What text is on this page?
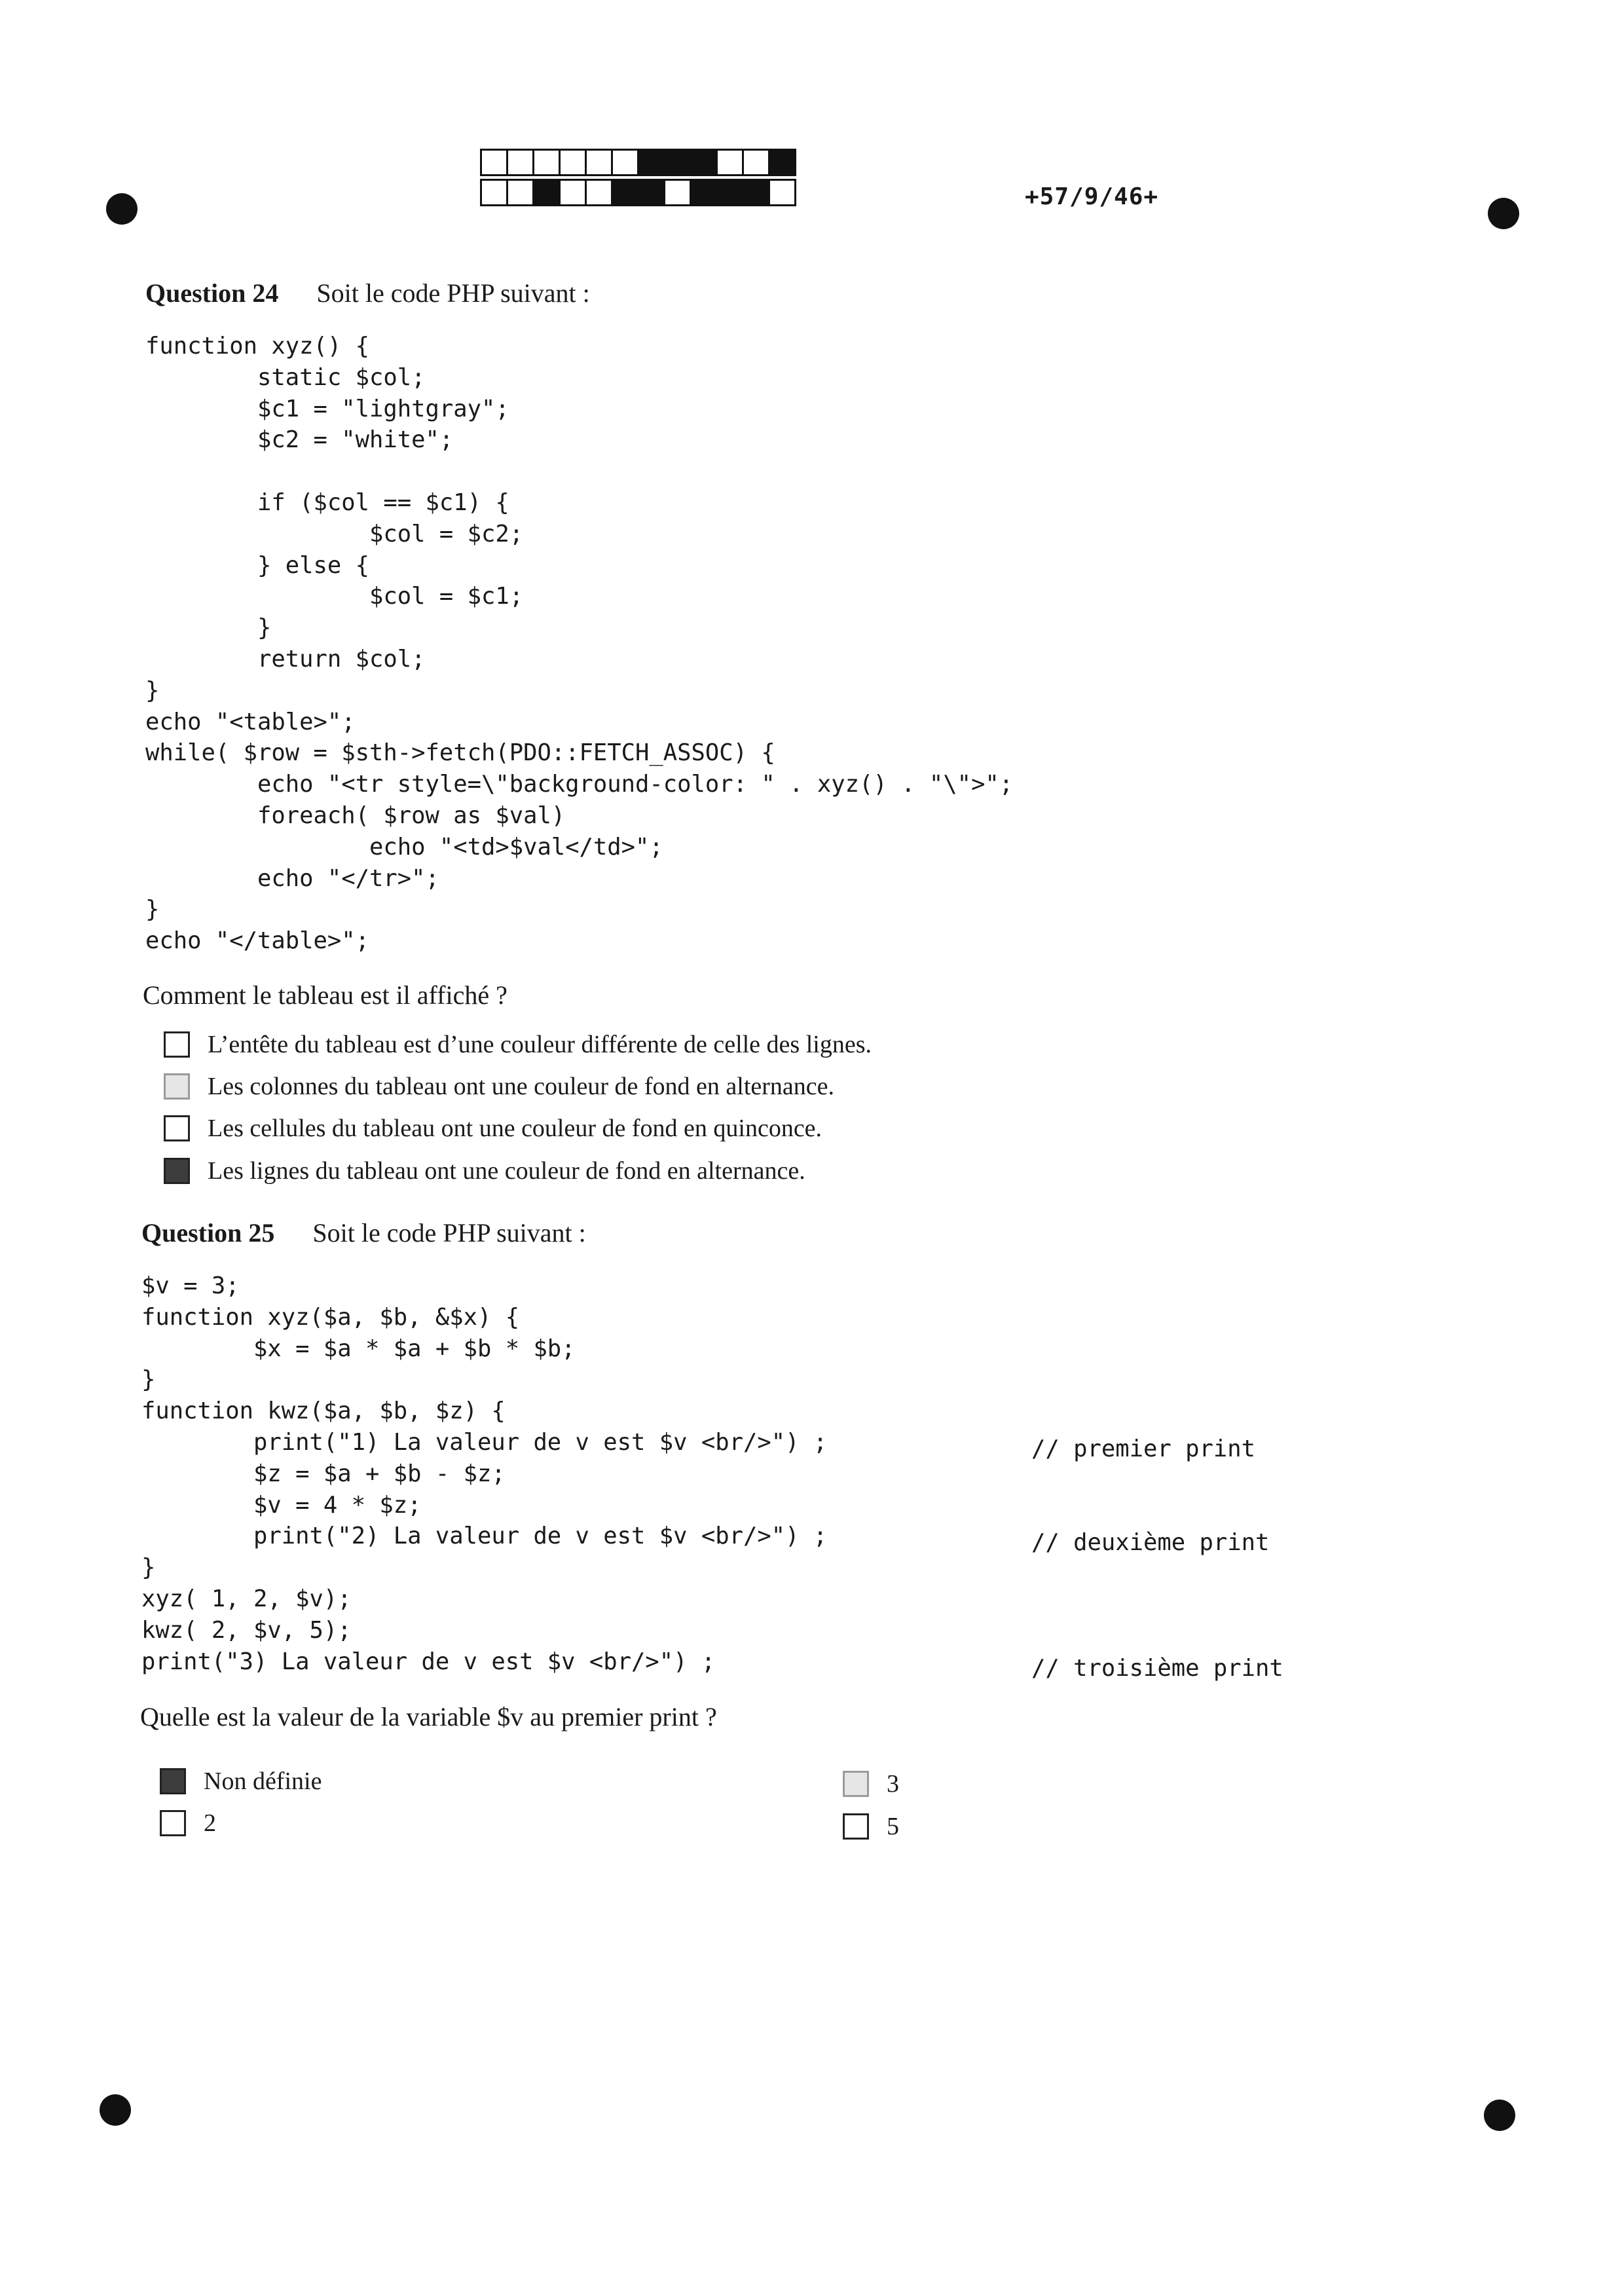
+57/9/46+
Question 24 Soit le code PHP suivant :
function xyz() {
static $col;
$c1 = "lightgray";
$c2 = "white";

if ($col == $c1) {
$col = $c2;
} else {
$col = $c1;
}
return $col;
}
echo "<table>";
while( $row = $sth->fetch(PDO::FETCH_ASSOC) {
echo "<tr style=\"background-color: " . xyz() . "\">";
foreach( $row as $val)
echo "<td>$val</td>";
echo "</tr>";
}
echo "</table>";
Comment le tableau est il affiché ?
L’entête du tableau est d’une couleur différente de celle des lignes.
Les colonnes du tableau ont une couleur de fond en alternance.
Les cellules du tableau ont une couleur de fond en quinconce.
Les lignes du tableau ont une couleur de fond en alternance.
Question 25 Soit le code PHP suivant :
$v = 3;
function xyz($a, $b, &$x) {
$x = $a * $a + $b * $b;
}
function kwz($a, $b, $z) {
print("1) La valeur de v est $v <br/>") ;
$z = $a + $b - $z;
$v = 4 * $z;
print("2) La valeur de v est $v <br/>") ;
}
xyz( 1, 2, $v);
kwz( 2, $v, 5);
print("3) La valeur de v est $v <br/>") ;
// premier print
// deuxième print
// troisième print
Quelle est la valeur de la variable $v au premier print ?
Non définie
2
3
5
